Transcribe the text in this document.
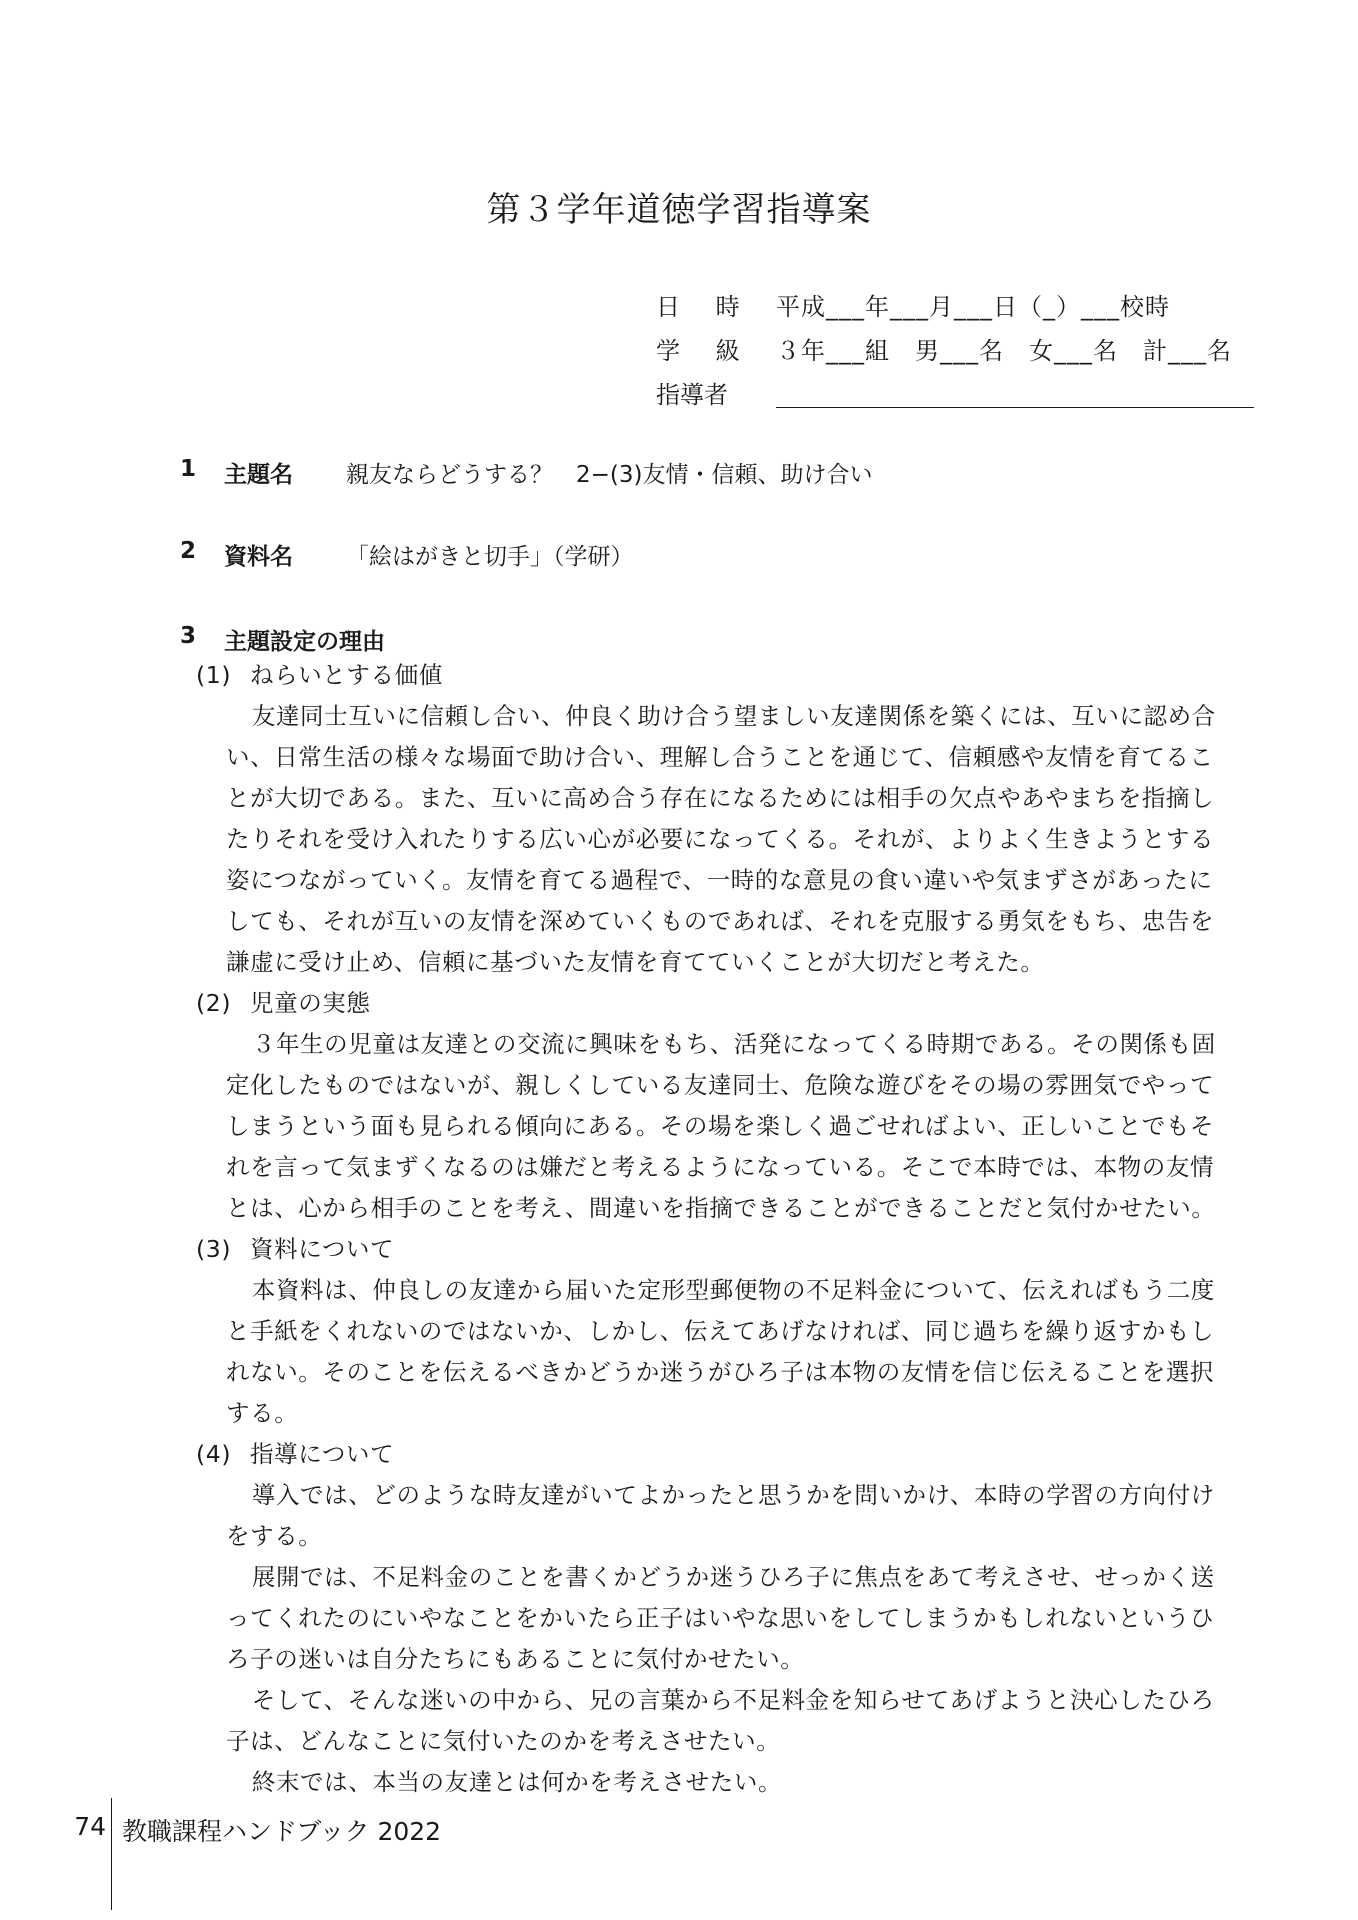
第３学年道徳学習指導案
日 時 平成___年___月___日（_）___校時
学 級 ３年___組　男___名　女___名　計___名
指導者
1 主題名 親友ならどうする？　2−(3)友情・信頼、助け合い
2 資料名 「絵はがきと切手」（学研）
3 主題設定の理由
(1) ねらいとする価値

友達同士互いに信頼し合い、仲良く助け合う望ましい友達関係を築くには、互いに認め合い、日常生活の様々な場面で助け合い、理解し合うことを通じて、信頼感や友情を育てることが大切である。また、互いに高め合う存在になるためには相手の欠点やあやまちを指摘したりそれを受け入れたりする広い心が必要になってくる。それが、よりよく生きようとする姿につながっていく。友情を育てる過程で、一時的な意見の食い違いや気まずさがあったにしても、それが互いの友情を深めていくものであれば、それを克服する勇気をもち、忠告を謙虚に受け止め、信頼に基づいた友情を育てていくことが大切だと考えた。

(2) 児童の実態

３年生の児童は友達との交流に興味をもち、活発になってくる時期である。その関係も固定化したものではないが、親しくしている友達同士、危険な遊びをその場の雰囲気でやってしまうという面も見られる傾向にある。その場を楽しく過ごせればよい、正しいことでもそれを言って気まずくなるのは嫌だと考えるようになっている。そこで本時では、本物の友情とは、心から相手のことを考え、間違いを指摘できることができることだと気付かせたい。

(3) 資料について

本資料は、仲良しの友達から届いた定形型郵便物の不足料金について、伝えればもう二度と手紙をくれないのではないか、しかし、伝えてあげなければ、同じ過ちを繰り返すかもしれない。そのことを伝えるべきかどうか迷うがひろ子は本物の友情を信じ伝えることを選択する。

(4) 指導について

導入では、どのような時友達がいてよかったと思うかを問いかけ、本時の学習の方向付けをする。

展開では、不足料金のことを書くかどうか迷うひろ子に焦点をあて考えさせ、せっかく送ってくれたのにいやなことをかいたら正子はいやな思いをしてしまうかもしれないというひろ子の迷いは自分たちにもあることに気付かせたい。

そして、そんな迷いの中から、兄の言葉から不足料金を知らせてあげようと決心したひろ子は、どんなことに気付いたのかを考えさせたい。

終末では、本当の友達とは何かを考えさせたい。

74 教職課程ハンドブック 2022
